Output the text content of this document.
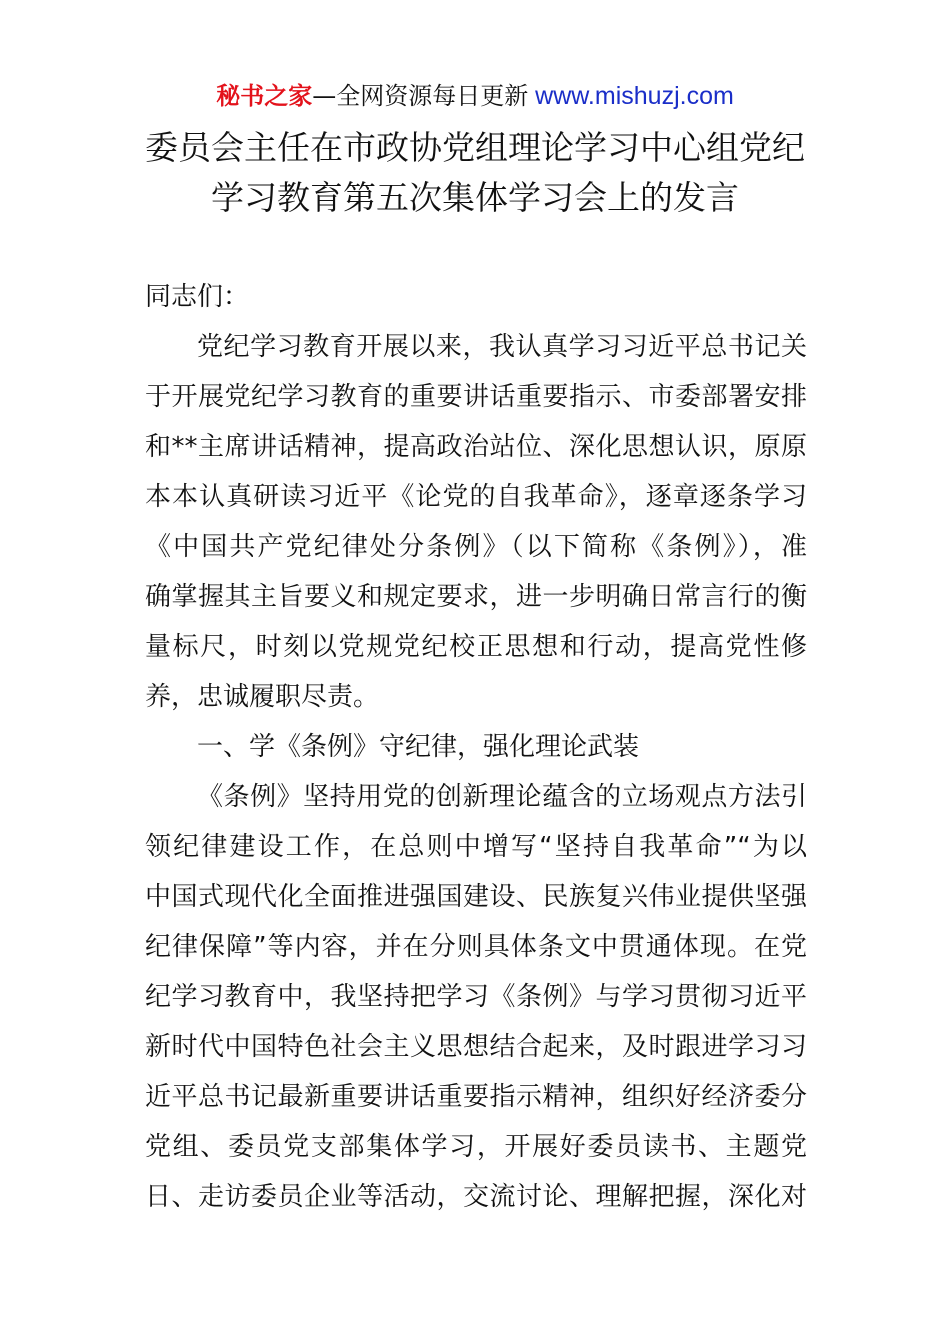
秘书之家—全网资源每日更新 www.mishuzj.com
委员会主任在市政协党组理论学习中心组党纪
学习教育第五次集体学习会上的发言
同志们：
党纪学习教育开展以来，我认真学习习近平总书记关
于开展党纪学习教育的重要讲话重要指示、市委部署安排
和**主席讲话精神，提高政治站位、深化思想认识，原原
本本认真研读习近平《论党的自我革命》，逐章逐条学习
《中国共产党纪律处分条例》（以下简称《条例》），准
确掌握其主旨要义和规定要求，进一步明确日常言行的衡
量标尺，时刻以党规党纪校正思想和行动，提高党性修
养，忠诚履职尽责。
一、学《条例》守纪律，强化理论武装
《条例》坚持用党的创新理论蕴含的立场观点方法引
领纪律建设工作，在总则中增写“坚持自我革命”“为以
中国式现代化全面推进强国建设、民族复兴伟业提供坚强
纪律保障”等内容，并在分则具体条文中贯通体现。在党
纪学习教育中，我坚持把学习《条例》与学习贯彻习近平
新时代中国特色社会主义思想结合起来，及时跟进学习习
近平总书记最新重要讲话重要指示精神，组织好经济委分
党组、委员党支部集体学习，开展好委员读书、主题党
日、走访委员企业等活动，交流讨论、理解把握，深化对
